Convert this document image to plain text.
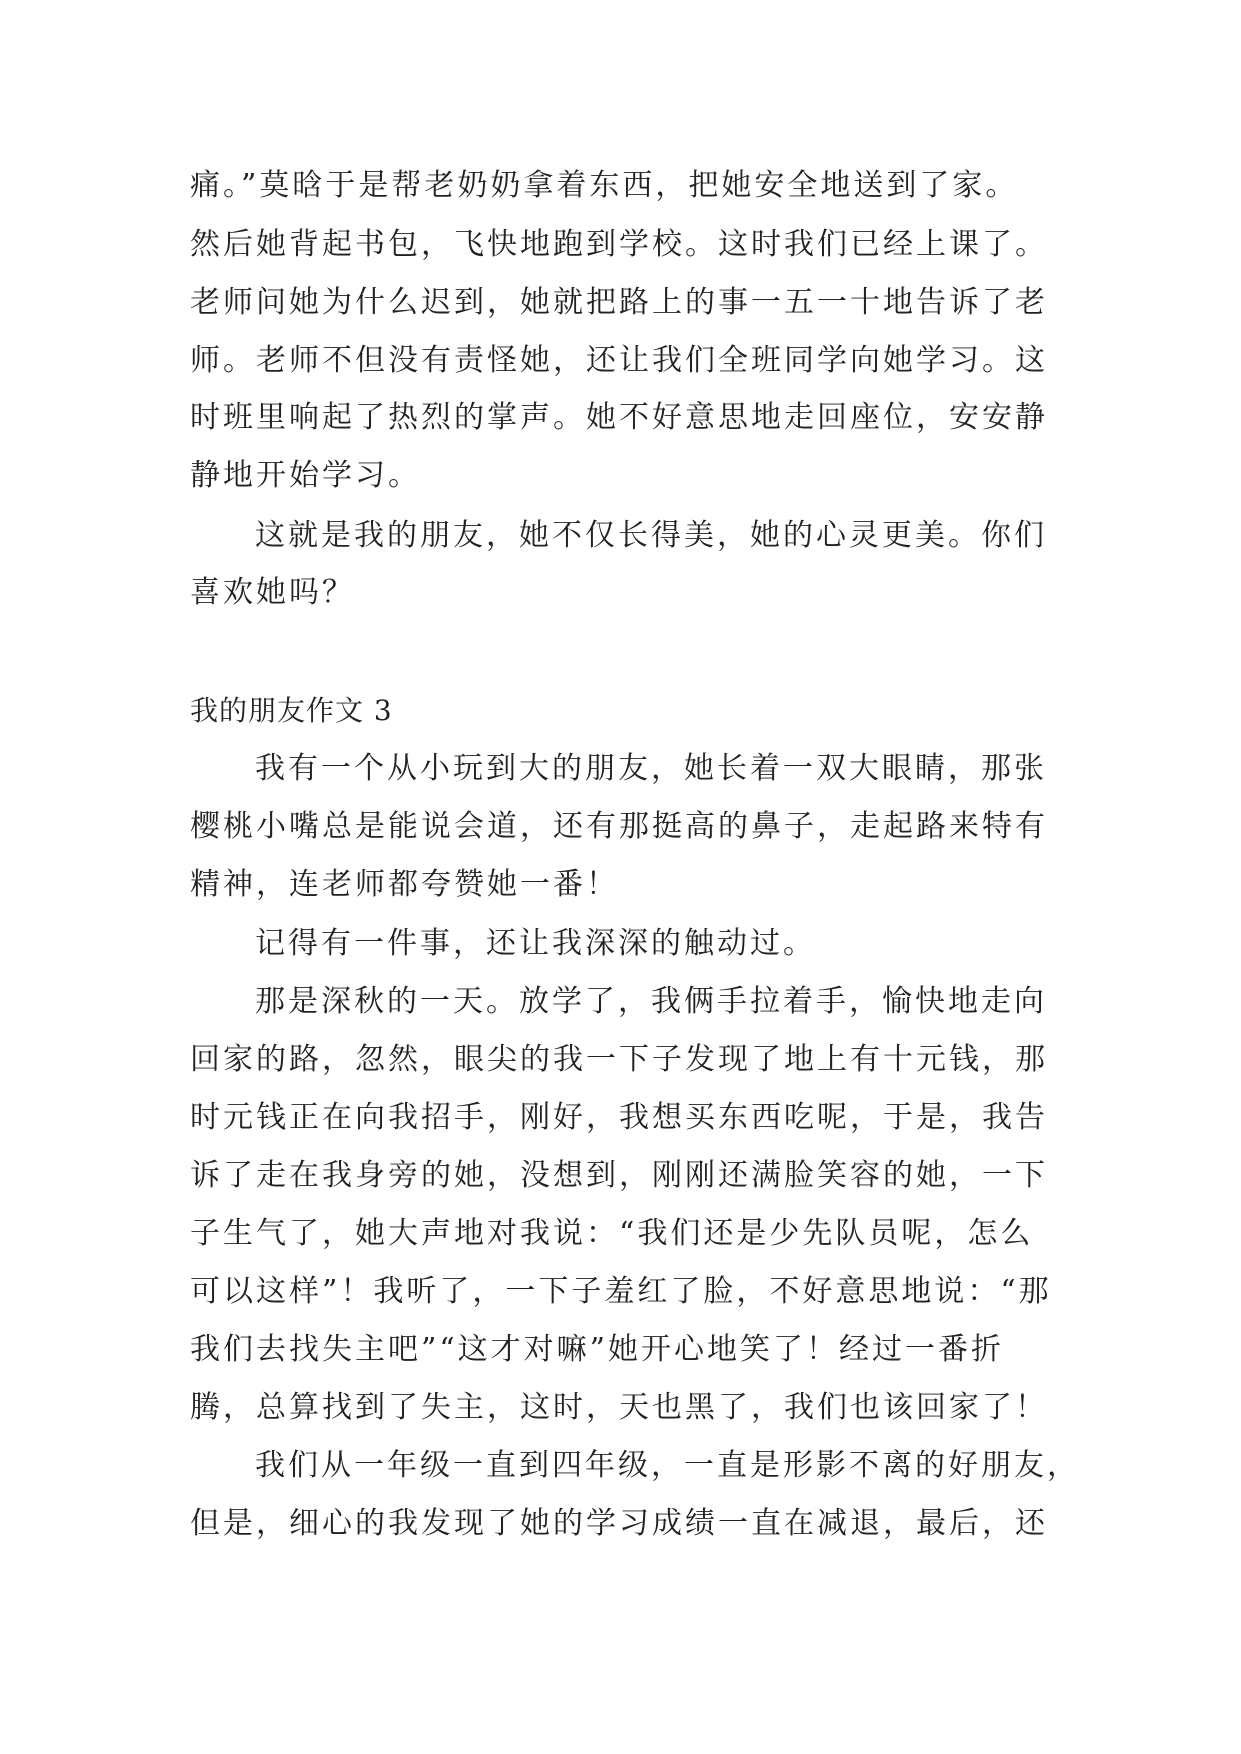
痛。”莫晗于是帮老奶奶拿着东西，把她安全地送到了家。
然后她背起书包，飞快地跑到学校。这时我们已经上课了。
老师问她为什么迟到，她就把路上的事一五一十地告诉了老
师。老师不但没有责怪她，还让我们全班同学向她学习。这
时班里响起了热烈的掌声。她不好意思地走回座位，安安静
静地开始学习。
这就是我的朋友，她不仅长得美，她的心灵更美。你们
喜欢她吗？
我的朋友作文 3
我有一个从小玩到大的朋友，她长着一双大眼睛，那张
樱桃小嘴总是能说会道，还有那挺高的鼻子，走起路来特有
精神，连老师都夸赞她一番！
记得有一件事，还让我深深的触动过。
那是深秋的一天。放学了，我俩手拉着手，愉快地走向
回家的路，忽然，眼尖的我一下子发现了地上有十元钱，那
时元钱正在向我招手，刚好，我想买东西吃呢，于是，我告
诉了走在我身旁的她，没想到，刚刚还满脸笑容的她，一下
子生气了，她大声地对我说：“我们还是少先队员呢，怎么
可以这样”！我听了，一下子羞红了脸，不好意思地说：“那
我们去找失主吧”“这才对嘛”她开心地笑了！经过一番折
腾，总算找到了失主，这时，天也黑了，我们也该回家了！
我们从一年级一直到四年级，一直是形影不离的好朋友，
但是，细心的我发现了她的学习成绩一直在减退，最后，还
